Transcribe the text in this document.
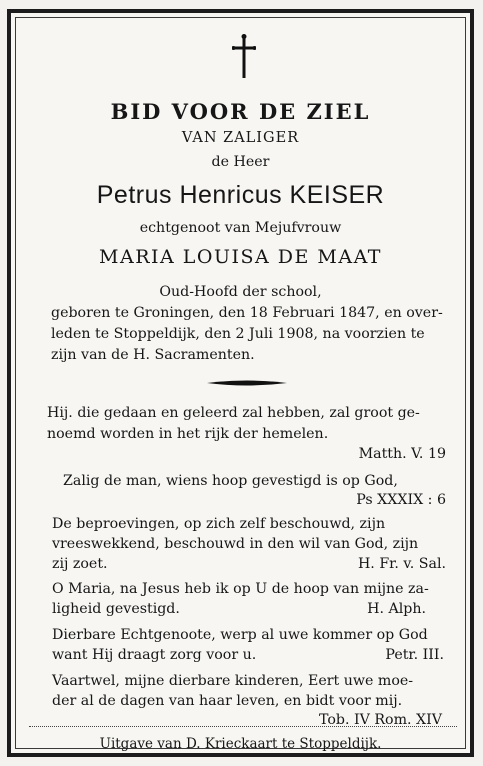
BID VOOR DE ZIEL
VAN ZALIGER
de Heer
Petrus Henricus KEISER
echtgenoot van Mejufvrouw
MARIA LOUISA DE MAAT
Oud-Hoofd der school,
geboren te Groningen, den 18 Februari 1847, en over-
leden te Stoppeldijk, den 2 Juli 1908, na voorzien te
zijn van de H. Sacramenten.
Hij. die gedaan en geleerd zal hebben, zal groot ge-
noemd worden in het rijk der hemelen.
Matth. V. 19
Zalig de man, wiens hoop gevestigd is op God,
Ps XXXIX : 6
De beproevingen, op zich zelf beschouwd, zijn
vreeswekkend, beschouwd in den wil van God, zijn
zij zoet.	H. Fr. v. Sal.
O Maria, na Jesus heb ik op U de hoop van mijne za-
ligheid gevestigd.	H. Alph.
Dierbare Echtgenoote, werp al uwe kommer op God
want Hij draagt zorg voor u.	Petr. III.
Vaartwel, mijne dierbare kinderen, Eert uwe moe-
der al de dagen van haar leven, en bidt voor mij.
Tob. IV Rom. XIV
Uitgave van D. Krieckaart te Stoppeldijk.
